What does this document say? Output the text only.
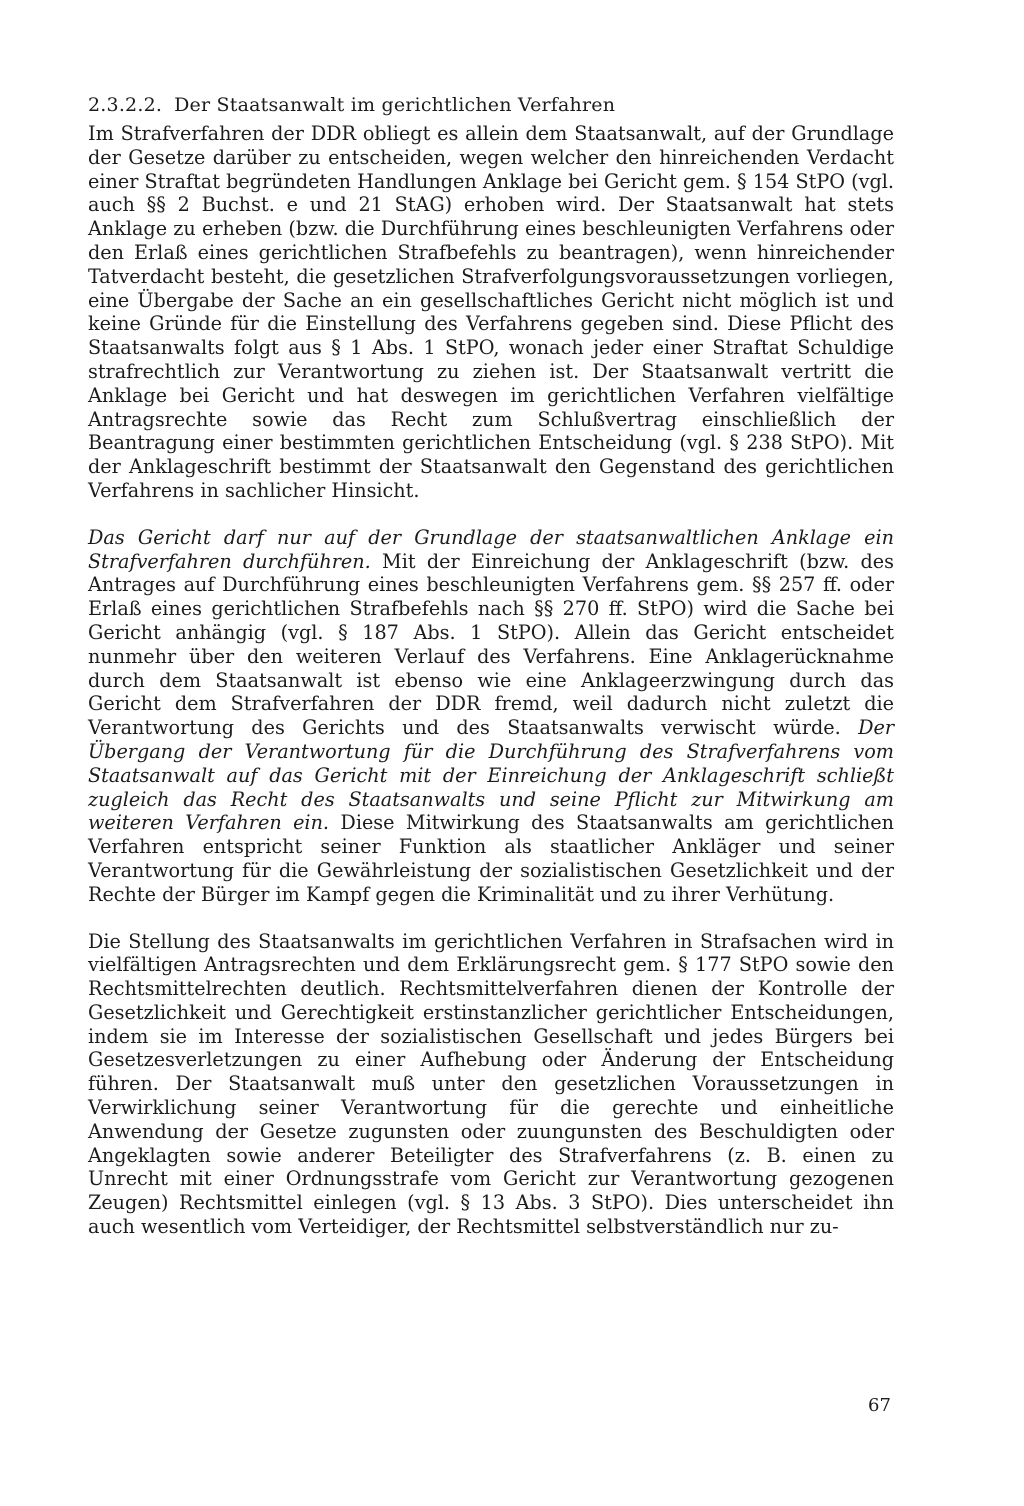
2.3.2.2. Der Staatsanwalt im gerichtlichen Verfahren

Im Strafverfahren der DDR obliegt es allein dem Staatsanwalt, auf der Grundlage der Gesetze darüber zu entscheiden, wegen welcher den hinreichenden Verdacht einer Straftat begründeten Handlungen Anklage bei Gericht gem. § 154 StPO (vgl. auch §§ 2 Buchst. e und 21 StAG) erhoben wird. Der Staatsanwalt hat stets Anklage zu erheben (bzw. die Durchführung eines beschleunigten Verfahrens oder den Erlaß eines gerichtlichen Strafbefehls zu beantragen), wenn hinreichender Tatverdacht besteht, die gesetzlichen Strafverfolgungsvoraussetzungen vorliegen, eine Übergabe der Sache an ein gesellschaftliches Gericht nicht möglich ist und keine Gründe für die Einstellung des Verfahrens gegeben sind. Diese Pflicht des Staatsanwalts folgt aus § 1 Abs. 1 StPO, wonach jeder einer Straftat Schuldige strafrechtlich zur Verantwortung zu ziehen ist. Der Staatsanwalt vertritt die Anklage bei Gericht und hat deswegen im gerichtlichen Verfahren vielfältige Antragsrechte sowie das Recht zum Schlußvertrag einschließlich der Beantragung einer bestimmten gerichtlichen Entscheidung (vgl. § 238 StPO). Mit der Anklageschrift bestimmt der Staatsanwalt den Gegenstand des gerichtlichen Verfahrens in sachlicher Hinsicht.

Das Gericht darf nur auf der Grundlage der staatsanwaltlichen Anklage ein Strafverfahren durchführen. Mit der Einreichung der Anklageschrift (bzw. des Antrages auf Durchführung eines beschleunigten Verfahrens gem. §§ 257 ff. oder Erlaß eines gerichtlichen Strafbefehls nach §§ 270 ff. StPO) wird die Sache bei Gericht anhängig (vgl. § 187 Abs. 1 StPO). Allein das Gericht entscheidet nunmehr über den weiteren Verlauf des Verfahrens. Eine Anklagerücknahme durch dem Staatsanwalt ist ebenso wie eine Anklageerzwingung durch das Gericht dem Strafverfahren der DDR fremd, weil dadurch nicht zuletzt die Verantwortung des Gerichts und des Staatsanwalts verwischt würde. Der Übergang der Verantwortung für die Durchführung des Strafverfahrens vom Staatsanwalt auf das Gericht mit der Einreichung der Anklageschrift schließt zugleich das Recht des Staatsanwalts und seine Pflicht zur Mitwirkung am weiteren Verfahren ein. Diese Mitwirkung des Staatsanwalts am gerichtlichen Verfahren entspricht seiner Funktion als staatlicher Ankläger und seiner Verantwortung für die Gewährleistung der sozialistischen Gesetzlichkeit und der Rechte der Bürger im Kampf gegen die Kriminalität und zu ihrer Verhütung.

Die Stellung des Staatsanwalts im gerichtlichen Verfahren in Strafsachen wird in vielfältigen Antragsrechten und dem Erklärungsrecht gem. § 177 StPO sowie den Rechtsmittelrechten deutlich. Rechtsmittelverfahren dienen der Kontrolle der Gesetzlichkeit und Gerechtigkeit erstinstanzlicher gerichtlicher Entscheidungen, indem sie im Interesse der sozialistischen Gesellschaft und jedes Bürgers bei Gesetzesverletzungen zu einer Aufhebung oder Änderung der Entscheidung führen. Der Staatsanwalt muß unter den gesetzlichen Voraussetzungen in Verwirklichung seiner Verantwortung für die gerechte und einheitliche Anwendung der Gesetze zugunsten oder zuungunsten des Beschuldigten oder Angeklagten sowie anderer Beteiligter des Strafverfahrens (z. B. einen zu Unrecht mit einer Ordnungsstrafe vom Gericht zur Verantwortung gezogenen Zeugen) Rechtsmittel einlegen (vgl. § 13 Abs. 3 StPO). Dies unterscheidet ihn auch wesentlich vom Verteidiger, der Rechtsmittel selbstverständlich nur zu-

67
